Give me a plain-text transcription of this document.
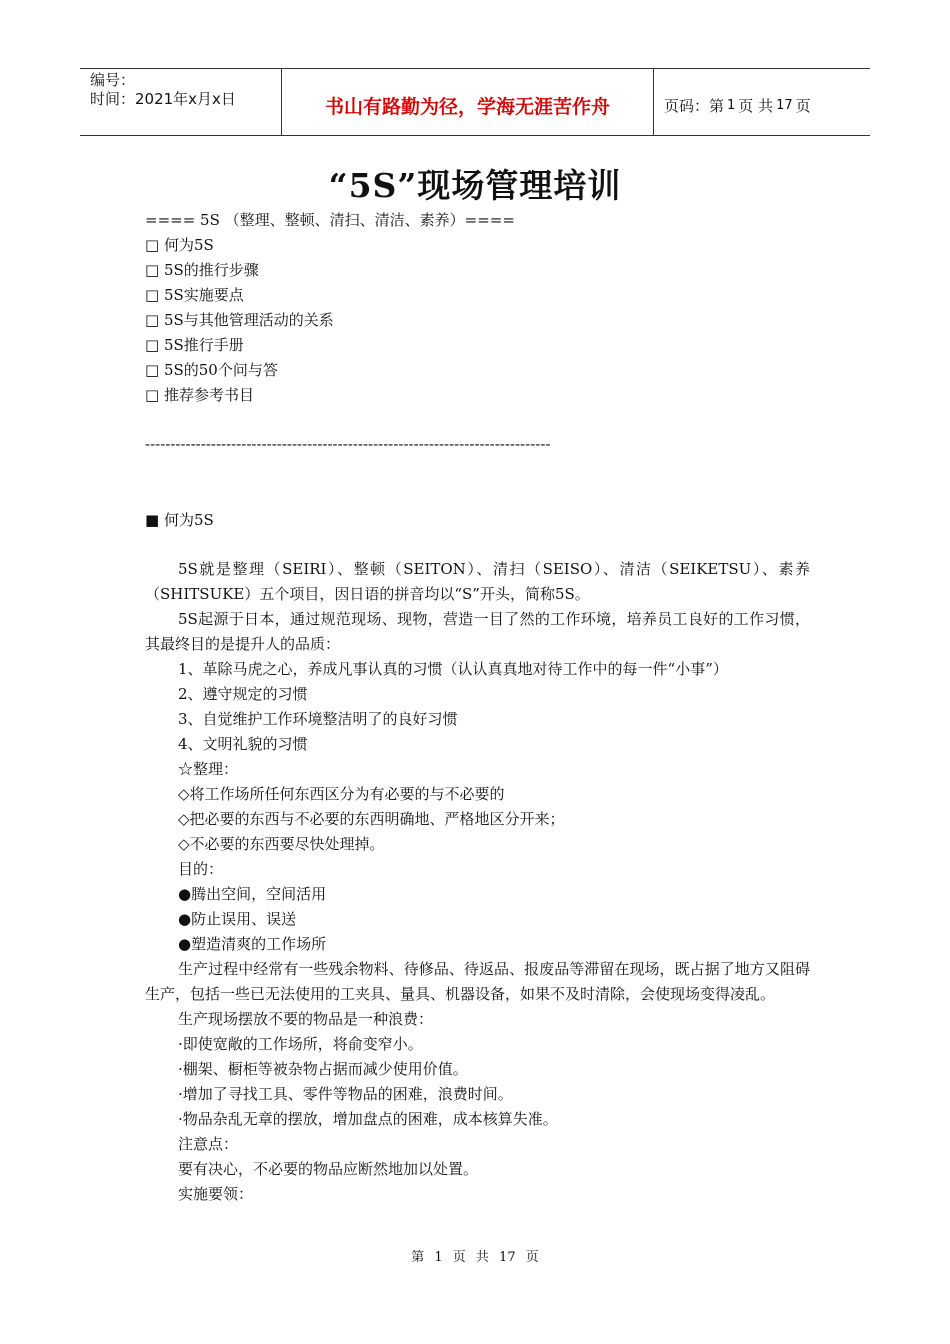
编号：
时间：2021年x月x日	书山有路勤为径，学海无涯苦作舟	页码：第 1 页 共 17 页
“5S”现场管理培训
==== 5S （整理、整顿、清扫、清洁、素养）====
□ 何为5S
□ 5S的推行步骤
□ 5S实施要点
□ 5S与其他管理活动的关系
□ 5S推行手册
□ 5S的50个问与答
□ 推荐参考书目
--------------------------------------------------------------------------------
■ 何为5S
5S就是整理（SEIRI）、整顿（SEITON）、清扫（SEISO）、清洁（SEIKETSU）、素养（SHITSUKE）五个项目，因日语的拼音均以“S”开头，简称5S。
5S起源于日本，通过规范现场、现物，营造一目了然的工作环境，培养员工良好的工作习惯，其最终目的是提升人的品质：
1、革除马虎之心，养成凡事认真的习惯（认认真真地对待工作中的每一件“小事”）
2、遵守规定的习惯
3、自觉维护工作环境整洁明了的良好习惯
4、文明礼貌的习惯
☆整理：
◇将工作场所任何东西区分为有必要的与不必要的
◇把必要的东西与不必要的东西明确地、严格地区分开来；
◇不必要的东西要尽快处理掉。
目的：
●腾出空间，空间活用
●防止误用、误送
●塑造清爽的工作场所
生产过程中经常有一些残余物料、待修品、待返品、报废品等滞留在现场，既占据了地方又阻碍生产，包括一些已无法使用的工夹具、量具、机器设备，如果不及时清除，会使现场变得凌乱。
生产现场摆放不要的物品是一种浪费：
·即使宽敞的工作场所，将俞变窄小。
·棚架、橱柜等被杂物占据而减少使用价值。
·增加了寻找工具、零件等物品的困难，浪费时间。
·物品杂乱无章的摆放，增加盘点的困难，成本核算失准。
注意点：
要有决心，不必要的物品应断然地加以处置。
实施要领：
第 1 页 共 17 页
